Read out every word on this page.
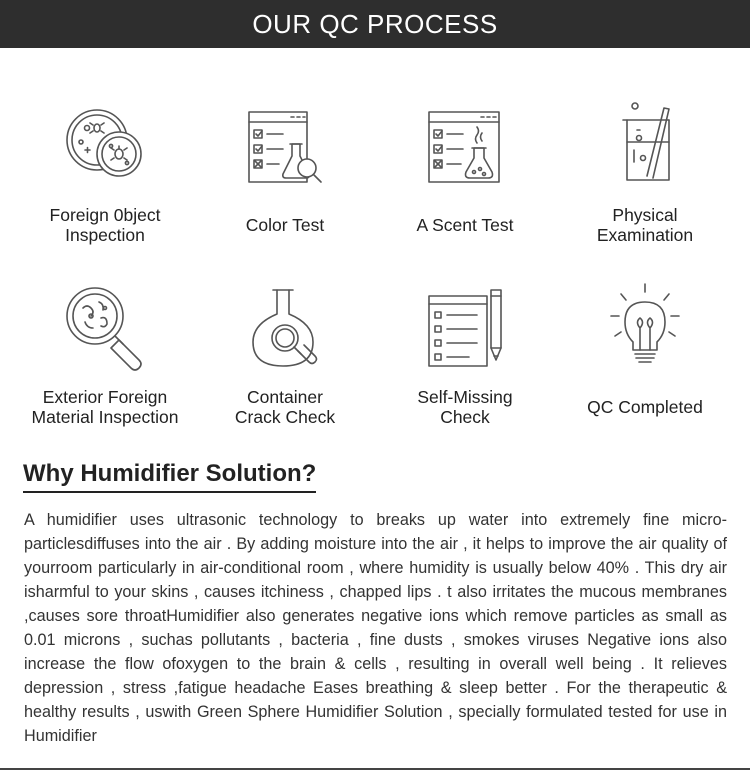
OUR QC PROCESS
Foreign 0bject
Inspection	Color Test	A Scent Test	Physical
Examination
Exterior Foreign
Material Inspection
Container
Crack Check
Self-Missing
Check	QC Completed
Why Humidifier Solution?
A humidifier uses ultrasonic technology to breaks up water into extremely fine micro-particlesdiffuses into the air . By adding moisture into the air , it helps to improve the air quality of yourroom particularly in air-conditional room , where humidity is usually below 40% . This dry air isharmful to your skins , causes itchiness , chapped lips . t also irritates the mucous membranes ,causes sore throatHumidifier also generates negative ions which remove particles as small as 0.01 microns , suchas pollutants , bacteria , fine dusts , smokes viruses Negative ions also increase the flow ofoxygen to the brain & cells , resulting in overall well being . It relieves depression , stress ,fatigue headache Eases breathing & sleep better . For the therapeutic & healthy results , uswith Green Sphere Humidifier Solution , specially formulated tested for use in Humidifier
